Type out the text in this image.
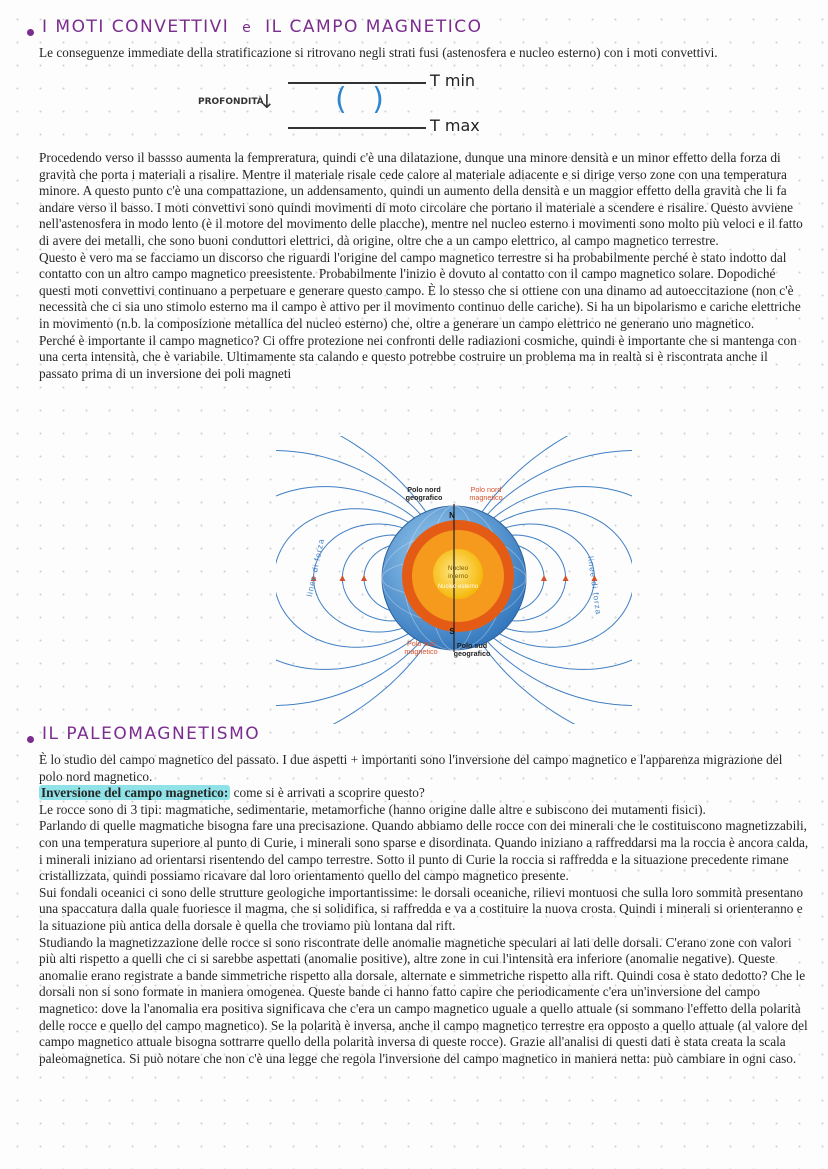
I MOTI CONVETTIVI e IL CAMPO MAGNETICO

Le conseguenze immediate della stratificazione si ritrovano negli strati fusi (astenosfera e nucleo esterno) con i moti convettivi.

PROFONDITÀ
↓
T min
( )
T max

Procedendo verso il bassso aumenta la fempreratura, quindi c'è una dilatazione, dunque una minore densità e un minor effetto della forza di gravità che porta i materiali a risalire. Mentre il materiale risale cede calore al materiale adiacente e si dirige verso zone con una temperatura minore. A questo punto c'è una compattazione, un addensamento, quindi un aumento della densità e un maggior effetto della gravità che li fa andare verso il basso. I moti convettivi sono quindi movimenti di moto circolare che portano il materiale a scendere e risalire. Questo avviene nell'astenosfera in modo lento (è il motore del movimento delle placche), mentre nel nucleo esterno i movimenti sono molto più veloci e il fatto di avere dei metalli, che sono buoni conduttori elettrici, dà origine, oltre che a un campo elettrico, al campo magnetico terrestre.

Questo è vero ma se facciamo un discorso che riguardi l'origine del campo magnetico terrestre si ha probabilmente perché è stato indotto dal contatto con un altro campo magnetico preesistente. Probabilmente l'inizio è dovuto al contatto con il campo magnetico solare. Dopodiché questi moti convettivi continuano a perpetuare e generare questo campo. È lo stesso che si ottiene con una dinamo ad autoeccitazione (non c'è necessità che ci sia uno stimolo esterno ma il campo è attivo per il movimento continuo delle cariche). Si ha un bipolarismo e cariche elettriche in movimento (n.b. la composizione metallica del nucleo esterno) che, oltre a generare un campo elettrico ne generano uno magnetico.

Perché è importante il campo magnetico? Ci offre protezione nei confronti delle radiazioni cosmiche, quindi è importante che si mantenga con una certa intensità, che è variabile. Ultimamente sta calando e questo potrebbe costruire un problema ma in realtà si è riscontrata anche il passato prima di un inversione dei poli magneti

Polo nord
geografico
Polo nord
magnetico
N
S
Polo sud
magnetico
Polo sud
geografico
Nucleo
interno
Nucleo esterno
linee di forza	linee di forza
IL PALEOMAGNETISMO

È lo studio del campo magnetico del passato. I due aspetti + importanti sono l'inversione del campo magnetico e l'apparenza migrazione del polo nord magnetico.

Inversione del campo magnetico: come si è arrivati a scoprire questo?

Le rocce sono di 3 tipi: magmatiche, sedimentarie, metamorfiche (hanno origine dalle altre e subiscono dei mutamenti fisici).

Parlando di quelle magmatiche bisogna fare una precisazione. Quando abbiamo delle rocce con dei minerali che le costituiscono magnetizzabili, con una temperatura superiore al punto di Curie, i minerali sono sparse e disordinata. Quando iniziano a raffreddarsi ma la roccia è ancora calda, i minerali iniziano ad orientarsi risentendo del campo terrestre. Sotto il punto di Curie la roccia si raffredda e la situazione precedente rimane cristallizzata, quindi possiamo ricavare dal loro orientamento quello del campo magnetico presente.

Sui fondali oceanici ci sono delle strutture geologiche importantissime: le dorsali oceaniche, rilievi montuosi che sulla loro sommità presentano una spaccatura dalla quale fuoriesce il magma, che si solidifica, si raffredda e va a costituire la nuova crosta. Quindi i minerali si orienteranno e la situazione più antica della dorsale è quella che troviamo più lontana dal rift.

Studiando la magnetizzazione delle rocce si sono riscontrate delle anomalie magnetiche speculari ai lati delle dorsali. C'erano zone con valori più alti rispetto a quelli che ci si sarebbe aspettati (anomalie positive), altre zone in cui l'intensità era inferiore (anomalie negative). Queste anomalie erano registrate a bande simmetriche rispetto alla dorsale, alternate e simmetriche rispetto alla rift. Quindi cosa è stato dedotto? Che le dorsali non si sono formate in maniera omogenea. Queste bande ci hanno fatto capire che periodicamente c'era un'inversione del campo magnetico: dove la l'anomalia era positiva significava che c'era un campo magnetico uguale a quello attuale (si sommano l'effetto della polarità delle rocce e quello del campo magnetico). Se la polarità è inversa, anche il campo magnetico terrestre era opposto a quello attuale (al valore del campo magnetico attuale bisogna sottrarre quello della polarità inversa di queste rocce). Grazie all'analisi di questi dati è stata creata la scala paleomagnetica. Si può notare che non c'è una legge che regola l'inversione del campo magnetico in maniera netta: può cambiare in ogni caso.
